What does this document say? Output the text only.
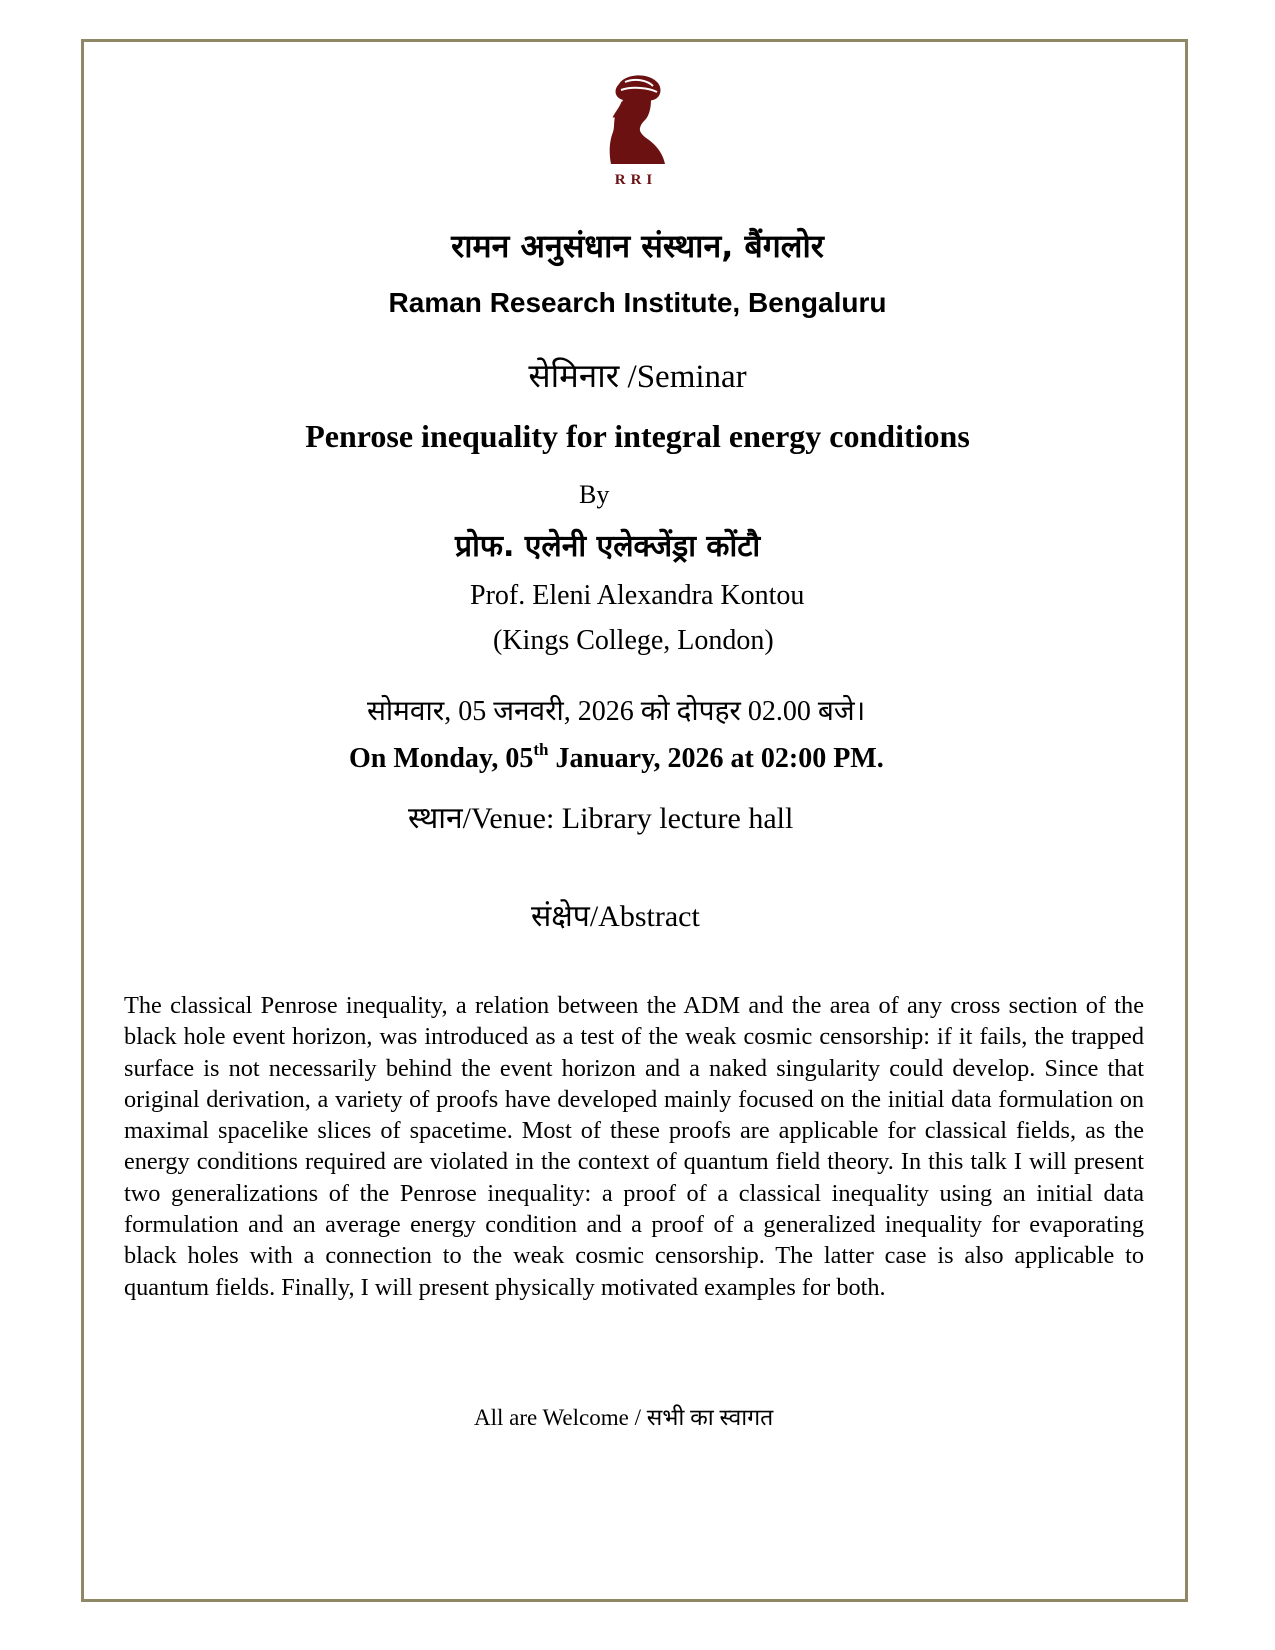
RRI
रामन अनुसंधान संस्थान, बैंगलोर
Raman Research Institute, Bengaluru
सेमिनार /Seminar
Penrose inequality for integral energy conditions
By
प्रोफ. एलेनी एलेक्जेंड्रा कोंटौ
Prof. Eleni Alexandra Kontou
(Kings College, London)
सोमवार, 05 जनवरी, 2026 को दोपहर 02.00 बजे।
On Monday, 05th January, 2026 at 02:00 PM.
स्थान/Venue: Library lecture hall
संक्षेप/Abstract
The classical Penrose inequality, a relation between the ADM and the area of any cross section of the black hole event horizon, was introduced as a test of the weak cosmic censorship: if it fails, the trapped surface is not necessarily behind the event horizon and a naked singularity could develop. Since that original derivation, a variety of proofs have developed mainly focused on the initial data formulation on maximal spacelike slices of spacetime. Most of these proofs are applicable for classical fields, as the energy conditions required are violated in the context of quantum field theory. In this talk I will present two generalizations of the Penrose inequality: a proof of a classical inequality using an initial data formulation and an average energy condition and a proof of a generalized inequality for evaporating black holes with a connection to the weak cosmic censorship. The latter case is also applicable to quantum fields. Finally, I will present physically motivated examples for both.
All are Welcome / सभी का स्वागत
